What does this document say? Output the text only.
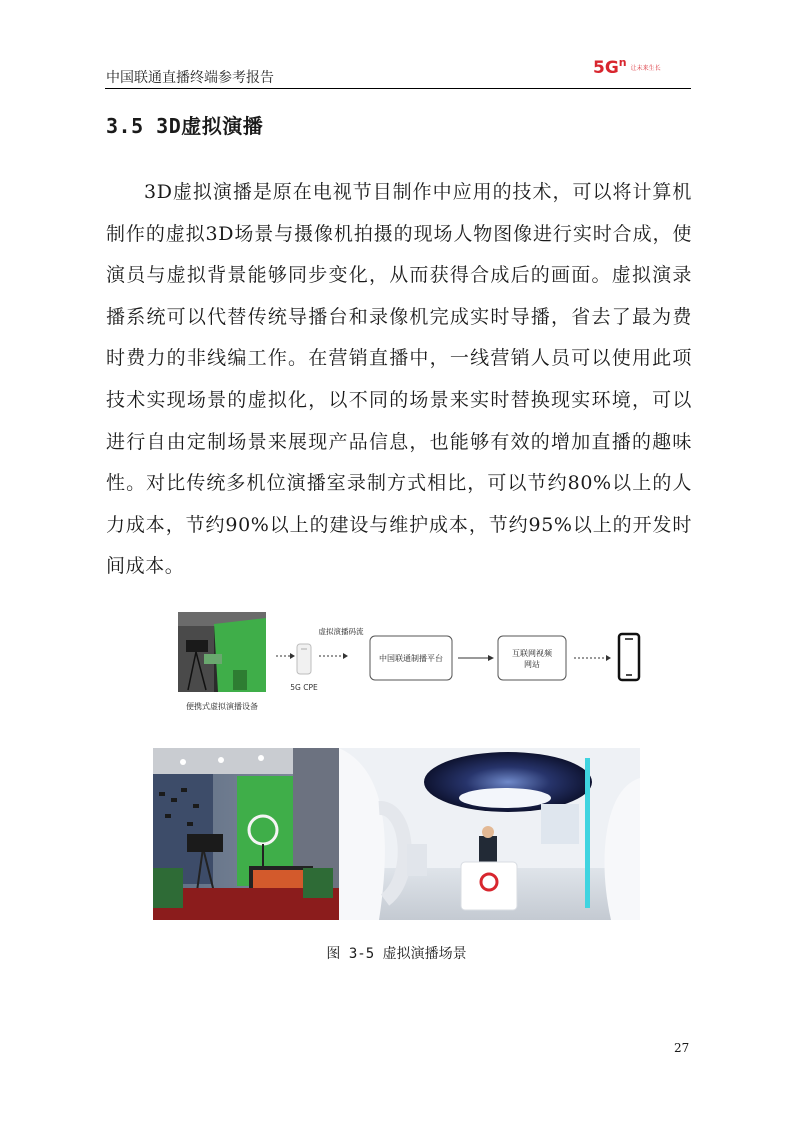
中国联通直播终端参考报告	$5G^n$ 让未来生长
3.5 3D虚拟演播

3D虚拟演播是原在电视节目制作中应用的技术，可以将计算机制作的虚拟3D场景与摄像机拍摄的现场人物图像进行实时合成，使演员与虚拟背景能够同步变化，从而获得合成后的画面。虚拟演录播系统可以代替传统导播台和录像机完成实时导播，省去了最为费时费力的非线编工作。在营销直播中，一线营销人员可以使用此项技术实现场景的虚拟化，以不同的场景来实时替换现实环境，可以进行自由定制场景来展现产品信息，也能够有效的增加直播的趣味性。对比传统多机位演播室录制方式相比，可以节约80%以上的人力成本，节约90%以上的建设与维护成本，节约95%以上的开发时间成本。

便携式虚拟演播设备
5G CPE
虚拟演播码流
中国联通制播平台
互联网视频
网站
图 3-5 虚拟演播场景
27
